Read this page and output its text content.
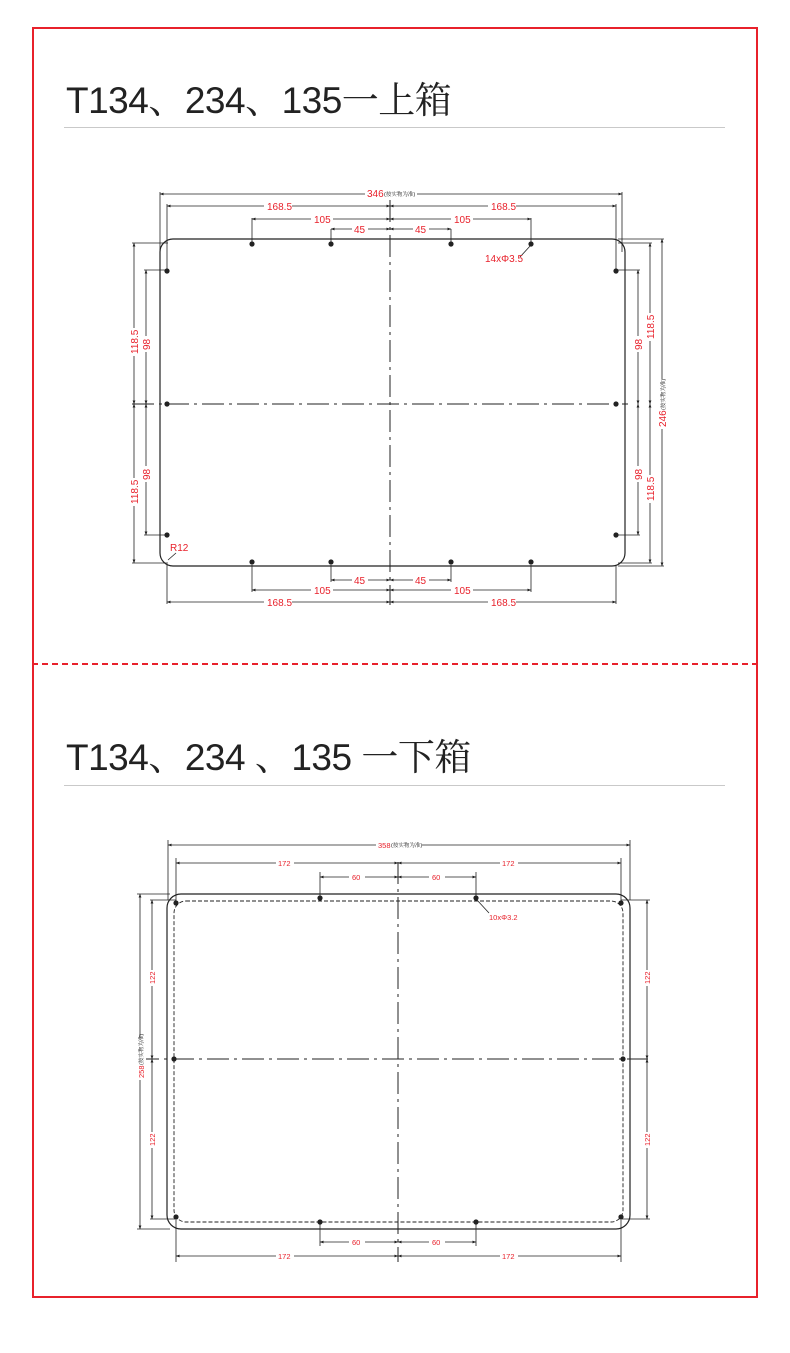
T134、234、135一上箱
T134、234 、135 一下箱
346 (按实物为准)
168.5	168.5
105	105
45	45
14xΦ3.5
R12
45	45
105	105
168.5	168.5
118.5 98
118.5
98
98
118.5
98
118.5
246
(按实物为准)
358 (按实物为准)
172	172
60	60
10xΦ3.2
60	60
172	172
258
(按实物为准)
122
122
122
122
